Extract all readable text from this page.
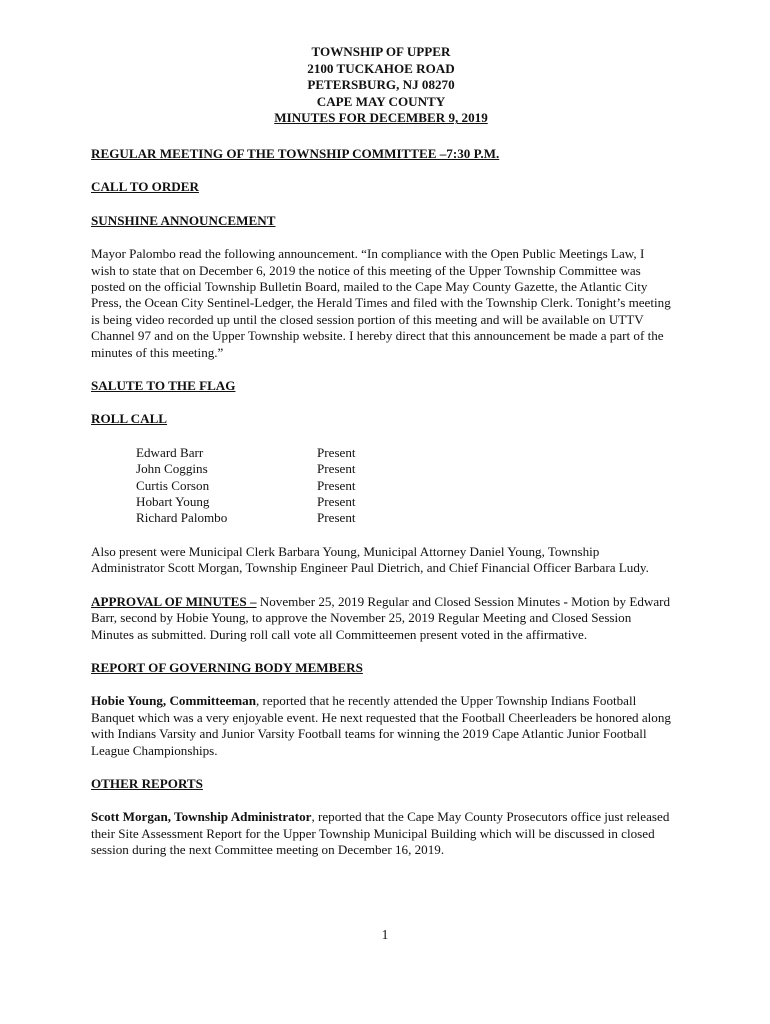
TOWNSHIP OF UPPER
2100 TUCKAHOE ROAD
PETERSBURG, NJ 08270
CAPE MAY COUNTY
MINUTES FOR DECEMBER 9, 2019
REGULAR MEETING OF THE TOWNSHIP COMMITTEE –7:30 P.M.
CALL TO ORDER
SUNSHINE ANNOUNCEMENT

Mayor Palombo read the following announcement. “In compliance with the Open Public Meetings Law, I wish to state that on December 6, 2019 the notice of this meeting of the Upper Township Committee was posted on the official Township Bulletin Board, mailed to the Cape May County Gazette, the Atlantic City Press, the Ocean City Sentinel-Ledger, the Herald Times and filed with the Township Clerk. Tonight’s meeting is being video recorded up until the closed session portion of this meeting and will be available on UTTV Channel 97 and on the Upper Township website. I hereby direct that this announcement be made a part of the minutes of this meeting.”

SALUTE TO THE FLAG
ROLL CALL
Edward Barr	Present
John Coggins	Present
Curtis Corson	Present
Hobart Young	Present
Richard Palombo	Present

Also present were Municipal Clerk Barbara Young, Municipal Attorney Daniel Young, Township Administrator Scott Morgan, Township Engineer Paul Dietrich, and Chief Financial Officer Barbara Ludy.

APPROVAL OF MINUTES – November 25, 2019 Regular and Closed Session Minutes - Motion by Edward Barr, second by Hobie Young, to approve the November 25, 2019 Regular Meeting and Closed Session Minutes as submitted. During roll call vote all Committeemen present voted in the affirmative.

REPORT OF GOVERNING BODY MEMBERS

Hobie Young, Committeeman, reported that he recently attended the Upper Township Indians Football Banquet which was a very enjoyable event. He next requested that the Football Cheerleaders be honored along with Indians Varsity and Junior Varsity Football teams for winning the 2019 Cape Atlantic Junior Football League Championships.

OTHER REPORTS

Scott Morgan, Township Administrator, reported that the Cape May County Prosecutors office just released their Site Assessment Report for the Upper Township Municipal Building which will be discussed in closed session during the next Committee meeting on December 16, 2019.

1
